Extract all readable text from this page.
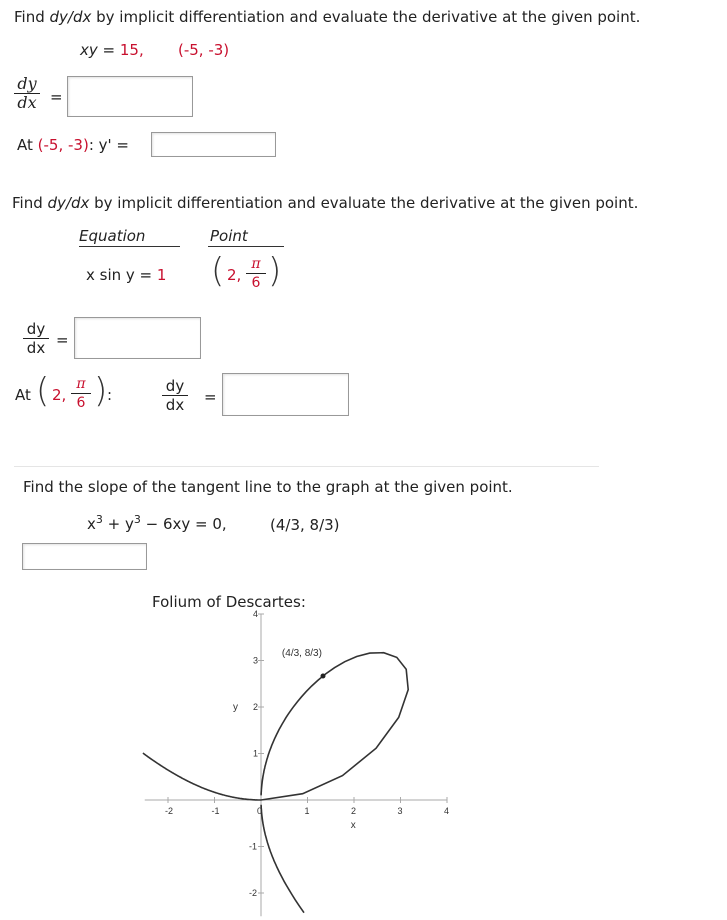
Find dy/dx by implicit differentiation and evaluate the derivative at the given point.
xy = 15, (-5, -3)
dy
dx =
At (-5, -3): y' =
Find dy/dx by implicit differentiation and evaluate the derivative at the given point.
Equation	Point
x sin y = 1 ( 2,
π
6 )
dy
dx =
At ( 2,
π
6 ) :	dy
dx =
Find the slope of the tangent line to the graph at the given point.
$x^3 + y^3 - 6xy = 0$,	(4/3, 8/3)
Folium of Descartes:
-2	-1	0	1	2	3	4
-2
-1
1
2
3
4
(4/3, 8/3)
x
y
